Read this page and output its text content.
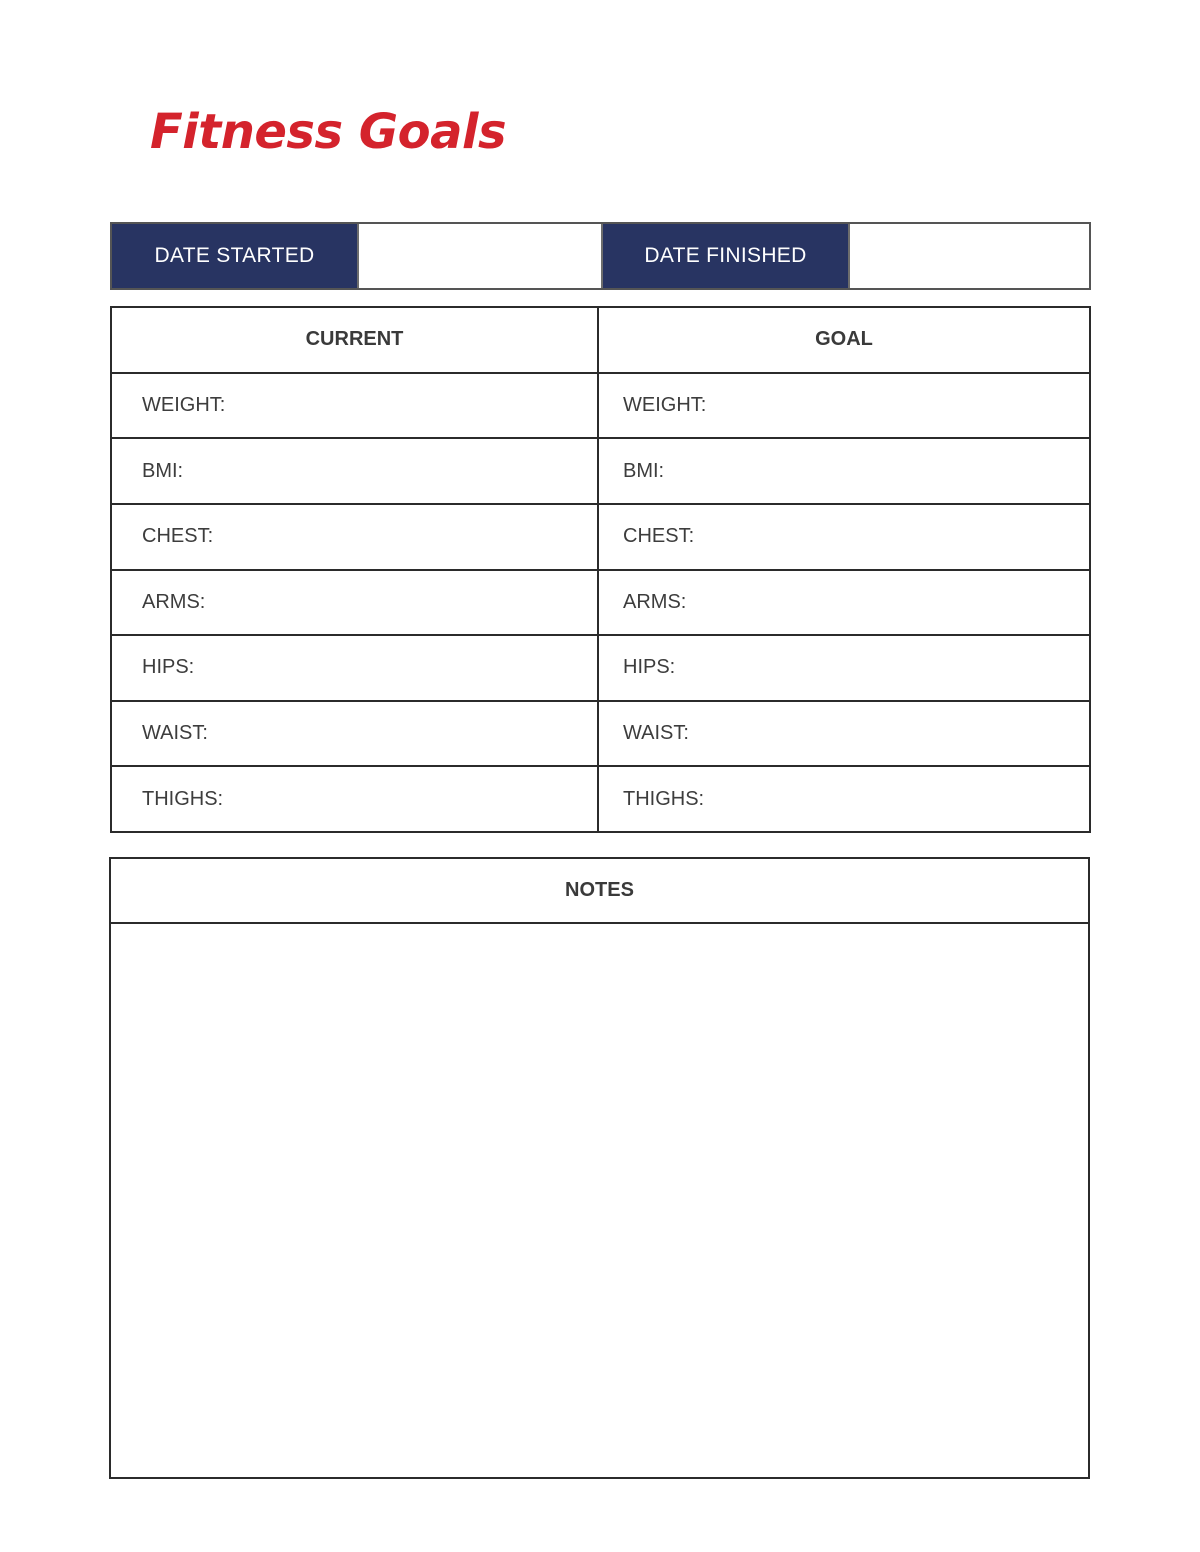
Fitness Goals
DATE STARTED	DATE FINISHED
CURRENT	GOAL
WEIGHT:	WEIGHT:
BMI:	BMI:
CHEST:	CHEST:
ARMS:	ARMS:
HIPS:	HIPS:
WAIST:	WAIST:
THIGHS:	THIGHS:
NOTES
